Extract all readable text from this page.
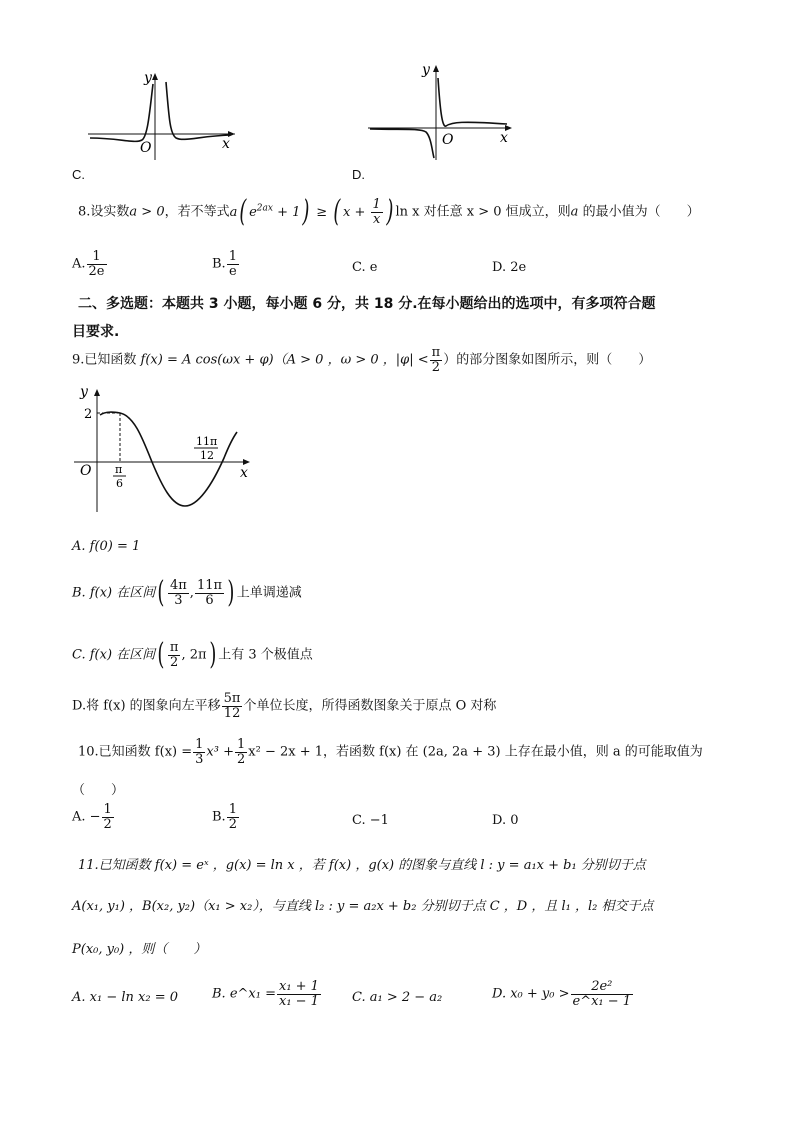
y
O	x
C.
y
O	x
D.
8.设实数a > 0，若不等式a( $e^{2ax} + 1$) ≥ ( $x + \frac{1}{x}$ ) ln x 对任意 x > 0 恒成立，则a 的最小值为（　　）
A. $\frac{1}{2e}$	B. $\frac{1}{e}$	C. e	D. 2e
二、多选题：本题共 3 小题，每小题 6 分，共 18 分.在每小题给出的选项中，有多项符合题
目要求.
9.已知函数 f(x) = A cos(ωx + φ)（A > 0 ，ω > 0 ，$|\varphi| < \frac{\pi}{2}$ ）的部分图象如图所示，则（　　）
y
2
O	x
π
6
11π
12
A. f(0) = 1
B. f(x) 在区间( $\frac{4\pi}{3}$ , $\frac{11\pi}{6}$ ) 上单调递减
C. f(x) 在区间( $\frac{\pi}{2}$ , 2π) 上有 3 个极值点
D.将 f(x) 的图象向左平移 $\frac{5\pi}{12}$ 个单位长度，所得函数图象关于原点 O 对称
10.已知函数 $f(x) = \frac{1}{3} x^3 + \frac{1}{2} x^2 - 2x + 1$，若函数 f(x) 在 (2a, 2a + 3) 上存在最小值，则 a 的可能取值为
（　　）
A. − $\frac{1}{2}$	B. $\frac{1}{2}$	C. −1	D. 0
11.已知函数 f(x) = eˣ ，g(x) = ln x ，若 f(x) ，g(x) 的图象与直线 l : y = a₁x + b₁ 分别切于点
A(x₁, y₁) ，B(x₂, y₂)（x₁ > x₂），与直线 l₂ : y = a₂x + b₂ 分别切于点 C ，D ，且 l₁ ，l₂ 相交于点
P(x₀, y₀) ，则（　　）
A. x₁ − ln x₂ = 0	B. e^x₁ = $\frac{\text{x₁ + 1}}{\text{x₁ − 1}} C$. a₁ > 2 − a₂	D. $x_0 + y_0 > \frac{\text{2e²}}{\text{e\textasciicircum{}x₁ − 1}}$
